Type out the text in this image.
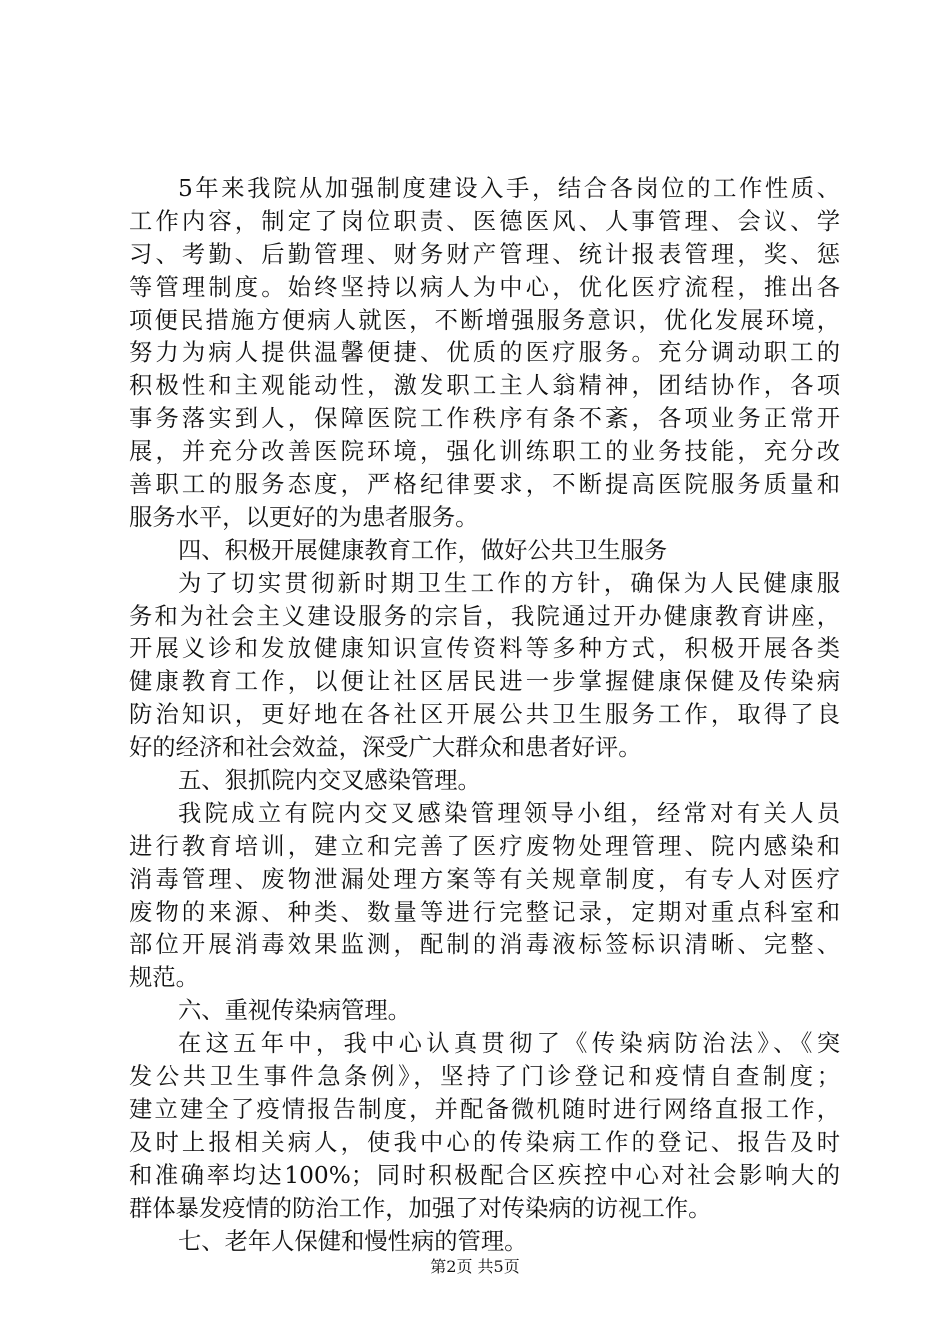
5年来我院从加强制度建设入手，结合各岗位的工作性质、
工作内容，制定了岗位职责、医德医风、人事管理、会议、学
习、考勤、后勤管理、财务财产管理、统计报表管理，奖、惩
等管理制度。始终坚持以病人为中心，优化医疗流程，推出各
项便民措施方便病人就医，不断增强服务意识，优化发展环境，
努力为病人提供温馨便捷、优质的医疗服务。充分调动职工的
积极性和主观能动性，激发职工主人翁精神，团结协作，各项
事务落实到人，保障医院工作秩序有条不紊，各项业务正常开
展，并充分改善医院环境，强化训练职工的业务技能，充分改
善职工的服务态度，严格纪律要求，不断提高医院服务质量和
服务水平，以更好的为患者服务。
四、积极开展健康教育工作，做好公共卫生服务
为了切实贯彻新时期卫生工作的方针，确保为人民健康服
务和为社会主义建设服务的宗旨，我院通过开办健康教育讲座，
开展义诊和发放健康知识宣传资料等多种方式，积极开展各类
健康教育工作，以便让社区居民进一步掌握健康保健及传染病
防治知识，更好地在各社区开展公共卫生服务工作，取得了良
好的经济和社会效益，深受广大群众和患者好评。
五、狠抓院内交叉感染管理。
我院成立有院内交叉感染管理领导小组，经常对有关人员
进行教育培训，建立和完善了医疗废物处理管理、院内感染和
消毒管理、废物泄漏处理方案等有关规章制度，有专人对医疗
废物的来源、种类、数量等进行完整记录，定期对重点科室和
部位开展消毒效果监测，配制的消毒液标签标识清晰、完整、
规范。
六、重视传染病管理。
在这五年中，我中心认真贯彻了《传染病防治法》、《突
发公共卫生事件急条例》，坚持了门诊登记和疫情自查制度；
建立建全了疫情报告制度，并配备微机随时进行网络直报工作，
及时上报相关病人，使我中心的传染病工作的登记、报告及时
和准确率均达100%；同时积极配合区疾控中心对社会影响大的
群体暴发疫情的防治工作，加强了对传染病的访视工作。
七、老年人保健和慢性病的管理。
第2页 共5页
